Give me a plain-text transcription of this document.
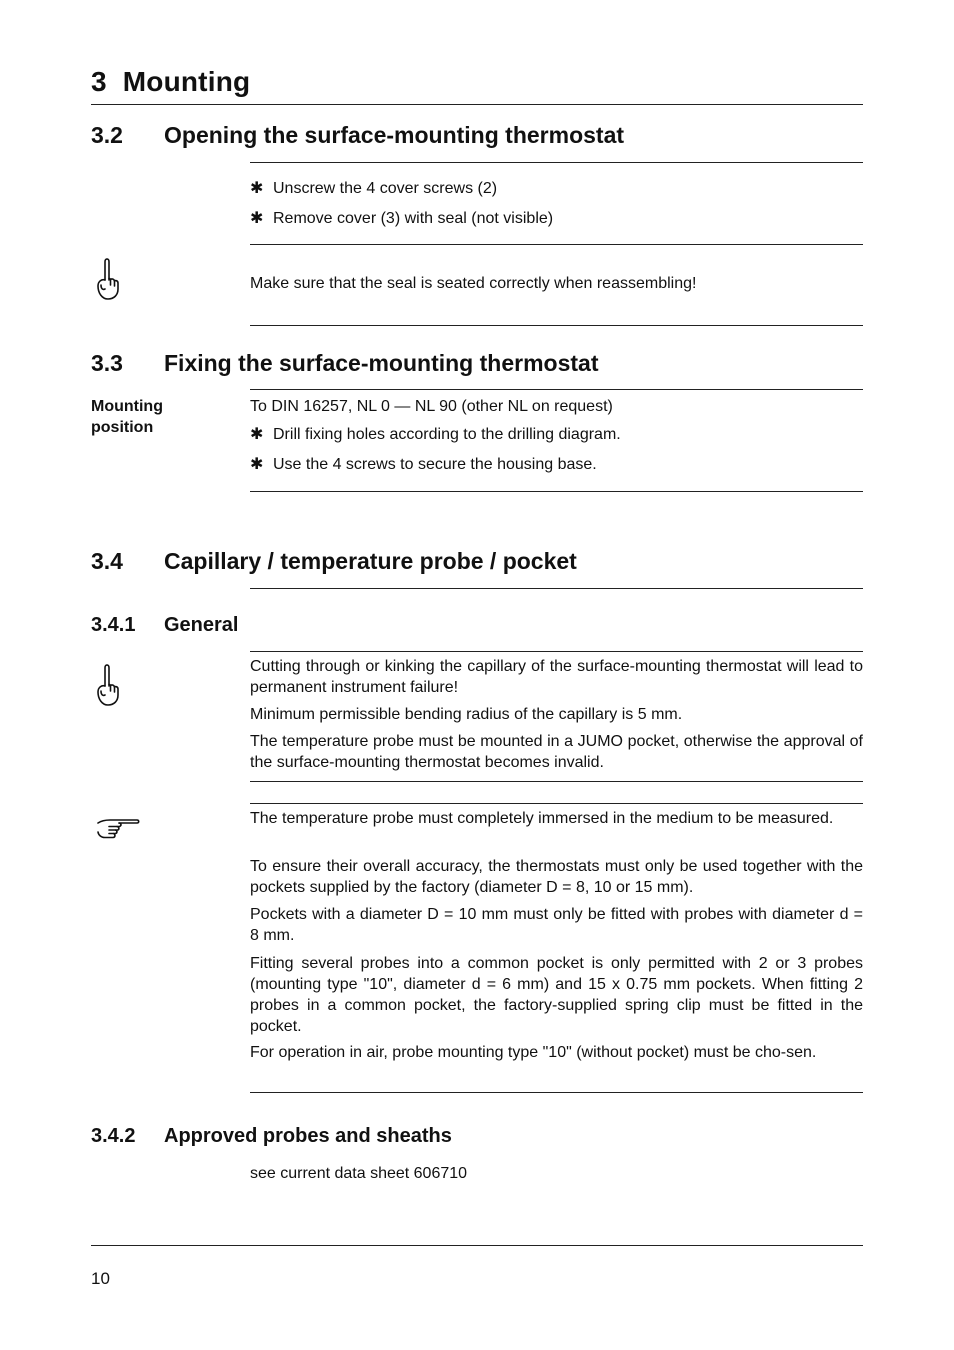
3 Mounting
3.2 Opening the surface-mounting thermostat
✱ Unscrew the 4 cover screws (2)
✱ Remove cover (3) with seal (not visible)
Make sure that the seal is seated correctly when reassembling!
3.3 Fixing the surface-mounting thermostat
Mounting
position
To DIN 16257, NL 0 — NL 90 (other NL on request)
✱ Drill fixing holes according to the drilling diagram.
✱ Use the 4 screws to secure the housing base.
3.4 Capillary / temperature probe / pocket
3.4.1 General
Cutting through or kinking the capillary of the surface-mounting thermostat will lead to permanent instrument failure!
Minimum permissible bending radius of the capillary is 5 mm.
The temperature probe must be mounted in a JUMO pocket, otherwise the approval of the surface-mounting thermostat becomes invalid.
The temperature probe must completely immersed in the medium to be measured.
To ensure their overall accuracy, the thermostats must only be used together with the pockets supplied by the factory (diameter D = 8, 10 or 15 mm).
Pockets with a diameter D = 10 mm must only be fitted with probes with diameter d = 8 mm.
Fitting several probes into a common pocket is only permitted with 2 or 3 probes (mounting type "10", diameter d = 6 mm) and 15 x 0.75 mm pockets. When fitting 2 probes in a common pocket, the factory-supplied spring clip must be fitted in the pocket.
For operation in air, probe mounting type "10" (without pocket) must be cho-sen.
3.4.2 Approved probes and sheaths
see current data sheet 606710
10
